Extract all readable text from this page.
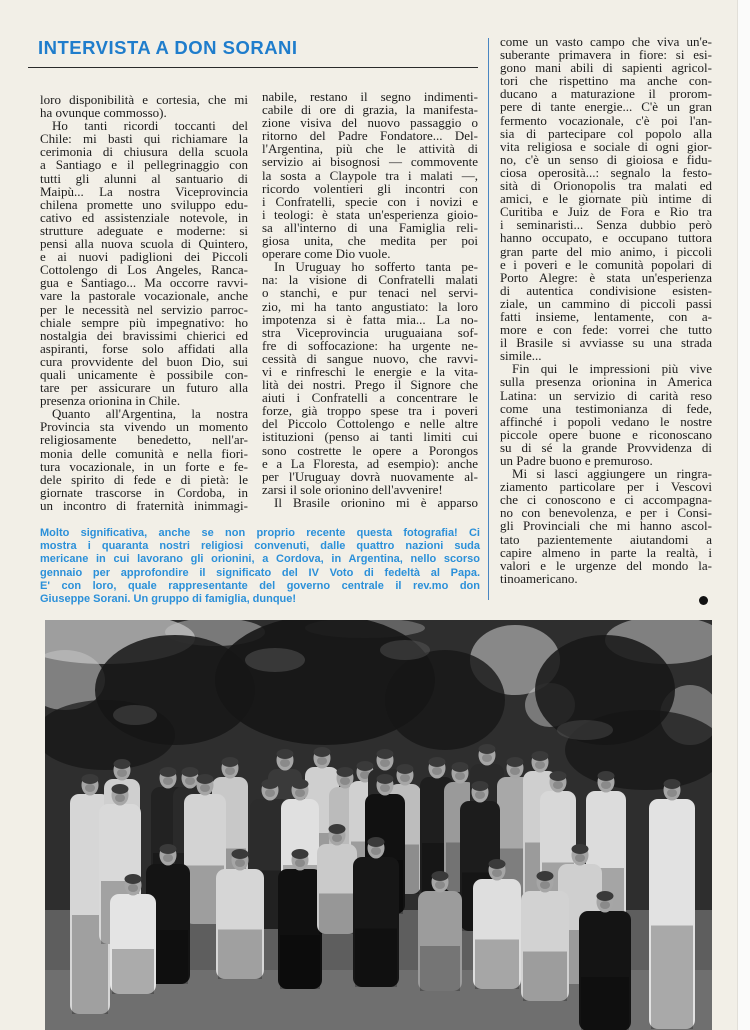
INTERVISTA A DON SORANI

loro disponibilità e cortesia, che mi
ha ovunque commosso).

Ho tanti ricordi toccanti del
Chile: mi basti qui richiamare la
cerimonia di chiusura della scuola
a Santiago e il pellegrinaggio con
tutti gli alunni al santuario di
Maipù... La nostra Viceprovincia
chilena promette uno sviluppo edu-
cativo ed assistenziale notevole, in
strutture adeguate e moderne: si
pensi alla nuova scuola di Quintero,
e ai nuovi padiglioni dei Piccoli
Cottolengo di Los Angeles, Ranca-
gua e Santiago... Ma occorre ravvi-
vare la pastorale vocazionale, anche
per le necessità nel servizio parroc-
chiale sempre più impegnativo: ho
nostalgia dei bravissimi chierici ed
aspiranti, forse solo affidati alla
cura provvidente del buon Dio, sui
quali unicamente è possibile con-
tare per assicurare un futuro alla
presenza orionina in Chile.

Quanto all'Argentina, la nostra
Provincia sta vivendo un momento
religiosamente benedetto, nell'ar-
monia delle comunità e nella fiori-
tura vocazionale, in un forte e fe-
dele spirito di fede e di pietà: le
giornate trascorse in Cordoba, in
un incontro di fraternità inimmagi-

nabile, restano il segno indimenti-
cabile di ore di grazia, la manifesta-
zione visiva del nuovo passaggio o
ritorno del Padre Fondatore... Del-
l'Argentina, più che le attività di
servizio ai bisognosi — commovente
la sosta a Claypole tra i malati —,
ricordo volentieri gli incontri con
i Confratelli, specie con i novizi e
i teologi: è stata un'esperienza gioio-
sa all'interno di una Famiglia reli-
giosa unita, che medita per poi
operare come Dio vuole.

In Uruguay ho sofferto tanta pe-
na: la visione di Confratelli malati
o stanchi, e pur tenaci nel servi-
zio, mi ha tanto angustiato: la loro
impotenza si è fatta mia... La no-
stra Viceprovincia uruguaiana sof-
fre di soffocazione: ha urgente ne-
cessità di sangue nuovo, che ravvi-
vi e rinfreschi le energie e la vita-
lità dei nostri. Prego il Signore che
aiuti i Confratelli a concentrare le
forze, già troppo spese tra i poveri
del Piccolo Cottolengo e nelle altre
istituzioni (penso ai tanti limiti cui
sono costrette le opere a Porongos
e a La Floresta, ad esempio): anche
per l'Uruguay dovrà nuovamente al-
zarsi il sole orionino dell'avvenire!

Il Brasile orionino mi è apparso

come un vasto campo che viva un'e-
suberante primavera in fiore: si esi-
gono mani abili di sapienti agricol-
tori che rispettino ma anche con-
ducano a maturazione il prorom-
pere di tante energie... C'è un gran
fermento vocazionale, c'è poi l'an-
sia di partecipare col popolo alla
vita religiosa e sociale di ogni gior-
no, c'è un senso di gioiosa e fidu-
ciosa operosità...: segnalo la festo-
sità di Orionopolis tra malati ed
amici, e le giornate più intime di
Curitiba e Juiz de Fora e Rio tra
i seminaristi... Senza dubbio però
hanno occupato, e occupano tuttora
gran parte del mio animo, i piccoli
e i poveri e le comunità popolari di
Porto Alegre: è stata un'esperienza
di autentica condivisione esisten-
ziale, un cammino di piccoli passi
fatti insieme, lentamente, con a-
more e con fede: vorrei che tutto
il Brasile si avviasse su una strada
simile...

Fin qui le impressioni più vive
sulla presenza orionina in America
Latina: un servizio di carità reso
come una testimonianza di fede,
affinché i popoli vedano le nostre
piccole opere buone e riconoscano
su di sé la grande Provvidenza di
un Padre buono e premuroso.

Mi si lasci aggiungere un ringra-
ziamento particolare per i Vescovi
che ci conoscono e ci accompagna-
no con benevolenza, e per i Consi-
gli Provinciali che mi hanno ascol-
tato pazientemente aiutandomi a
capire almeno in parte la realtà, i
valori e le urgenze del mondo la-
tinoamericano.

Molto significativa, anche se non proprio recente questa fotografia! Ci
mostra i quaranta nostri religiosi convenuti, dalle quattro nazioni suda
mericane in cui lavorano gli orionini, a Cordova, in Argentina, nello scorso
gennaio per approfondire il significato del IV Voto di fedeltà al Papa.
E' con loro, quale rappresentante del governo centrale il rev.mo don
Giuseppe Sorani. Un gruppo di famiglia, dunque!
